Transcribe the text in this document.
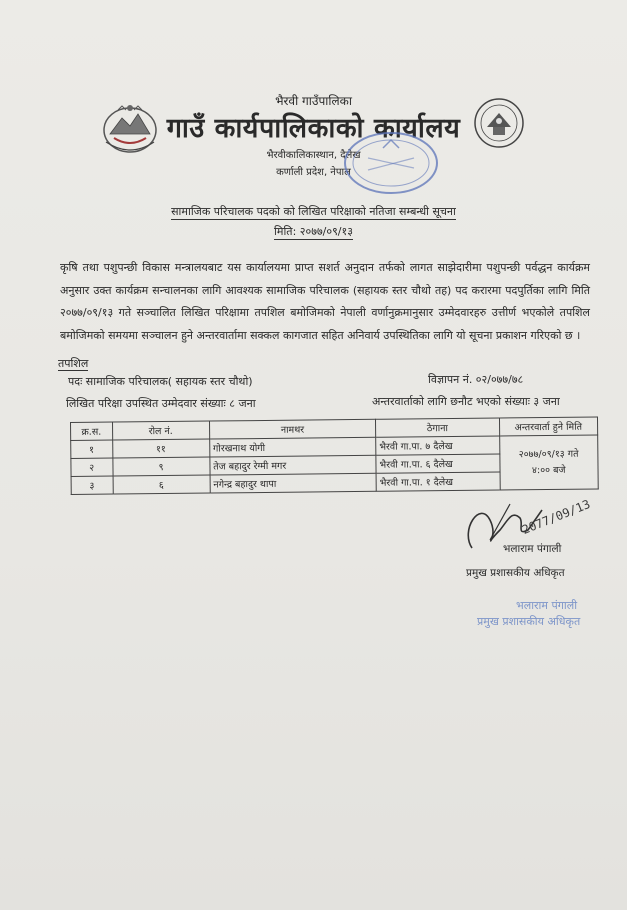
भैरवी गाउँपालिका
गाउँ कार्यपालिकाको कार्यालय
भैरवीकालिकास्थान, दैलेख
कर्णाली प्रदेश, नेपाल
सामाजिक परिचालक पदको को लिखित परिक्षाको नतिजा सम्बन्धी सूचना
मिति: २०७७/०९/१३
कृषि तथा पशुपन्छी विकास मन्त्रालयबाट यस कार्यालयमा प्राप्त सशर्त अनुदान तर्फको लागत साझेदारीमा पशुपन्छी पर्वद्धन कार्यक्रम अनुसार उक्त कार्यक्रम सन्चालनका लागि आवश्यक सामाजिक परिचालक (सहायक स्तर चौथो तह) पद करारमा पदपुर्तिका लागि मिति २०७७/०९/१३ गते सञ्चालित लिखित परिक्षामा तपशिल बमोजिमको नेपाली वर्णानुक्रमानुसार उम्मेदवारहरु उत्तीर्ण भएकोले तपशिल बमोजिमको समयमा सञ्चालन हुने अन्तरवार्तामा सक्कल कागजात सहित अनिवार्य उपस्थितिका लागि यो सूचना प्रकाशन गरिएको छ ।
तपशिल
पदः सामाजिक परिचालक( सहायक स्तर चौथो)	विज्ञापन नं. ०२/०७७/७८
लिखित परिक्षा उपस्थित उम्मेदवार संख्याः ८ जना	अन्तरवार्ताको लागि छनौट भएको संख्याः ३ जना
क्र.स.	रोल नं.	नामथर	ठेगाना	अन्तरवार्ता हुने मिति
१	११	गोरखनाथ योगी	भैरवी गा.पा. ७ दैलेख	२०७७/०९/१३ गते
४:०० बजे

२	९	तेज बहादुर रेग्मी मगर	भैरवी गा.पा. ६ दैलेख	
३	६	नगेन्द्र बहादुर थापा	भैरवी गा.पा. १ दैलेख	
2077/09/13
भलाराम पंगाली
प्रमुख प्रशासकीय अधिकृत
भलाराम पंगाली
प्रमुख प्रशासकीय अधिकृत
